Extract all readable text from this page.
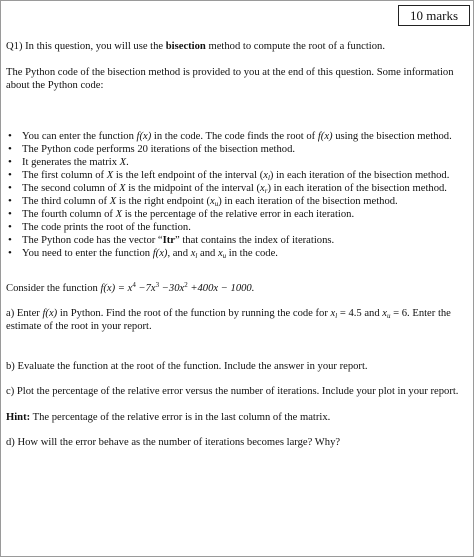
10 marks
Q1) In this question, you will use the bisection method to compute the root of a function.
The Python code of the bisection method is provided to you at the end of this question. Some information about the Python code:
• You can enter the function f(x) in the code. The code finds the root of f(x) using the bisection method.
• The Python code performs 20 iterations of the bisection method.
• It generates the matrix X.
• The first column of X is the left endpoint of the interval $(x_l)$ in each iteration of the bisection method.
• The second column of X is the midpoint of the interval $(x_r)$ in each iteration of the bisection method.
• The third column of X is the right endpoint $(x_u)$ in each iteration of the bisection method.
• The fourth column of X is the percentage of the relative error in each iteration.
• The code prints the root of the function.
• The Python code has the vector “Itr” that contains the index of iterations.
• You need to enter the function f(x), and $x_l$ and $x_u$ in the code.
Consider the function $f(x) = x^4 -7x^3 -30x^2 +400x - 1000$.
a) Enter f(x) in Python. Find the root of the function by running the code for $x_l = 4.5$ and $x_u = 6$. Enter the estimate of the root in your report.
b) Evaluate the function at the root of the function. Include the answer in your report.
c) Plot the percentage of the relative error versus the number of iterations. Include your plot in your report.
Hint: The percentage of the relative error is in the last column of the matrix.
d) How will the error behave as the number of iterations becomes large? Why?
